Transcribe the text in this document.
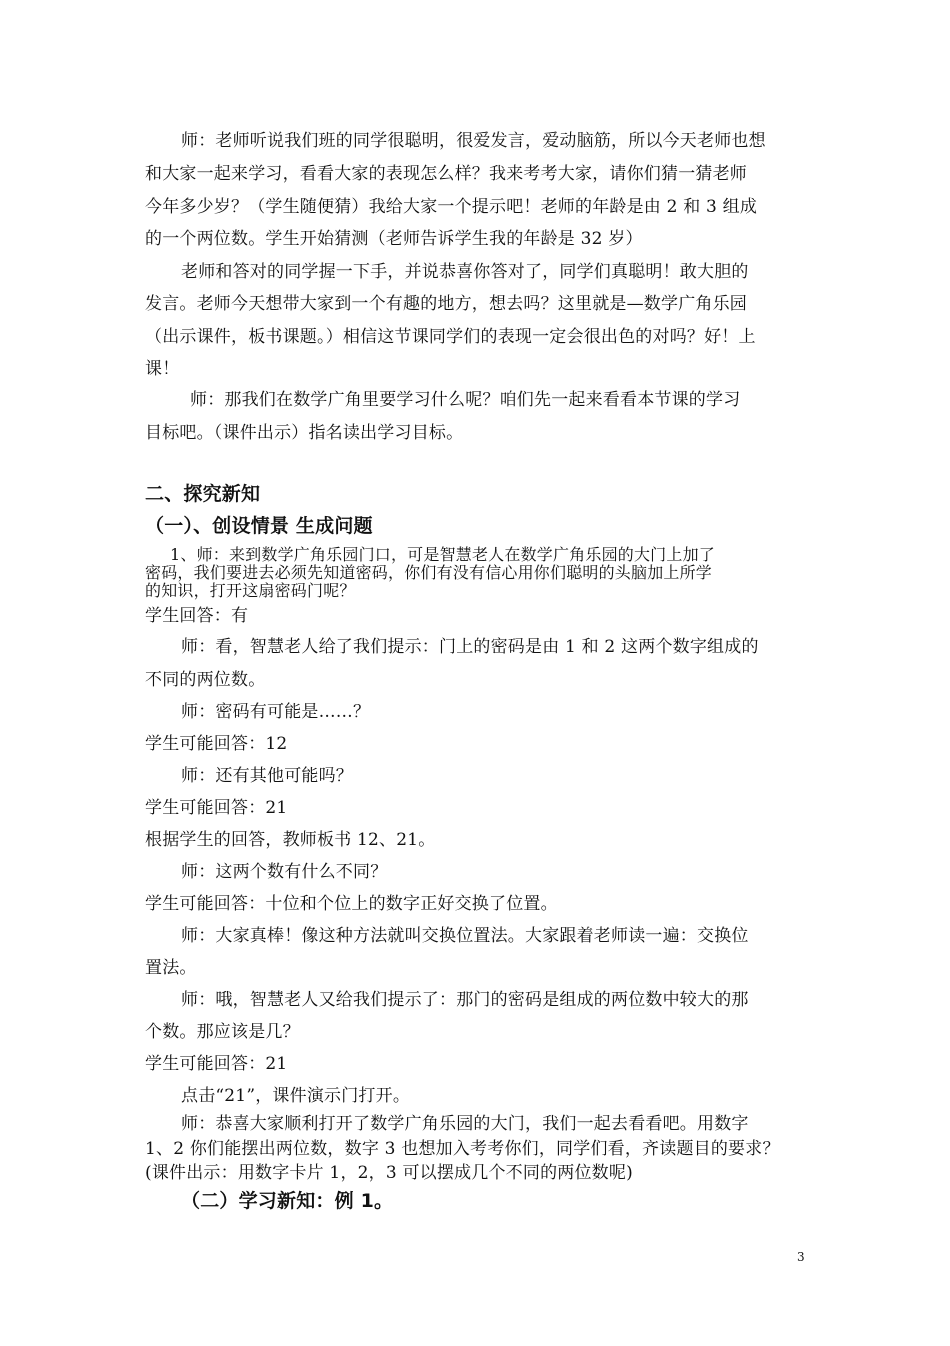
师：老师听说我们班的同学很聪明，很爱发言，爱动脑筋，所以今天老师也想
和大家一起来学习，看看大家的表现怎么样？我来考考大家，请你们猜一猜老师
今年多少岁？（学生随便猜）我给大家一个提示吧！老师的年龄是由 2 和 3 组成
的一个两位数。学生开始猜测（老师告诉学生我的年龄是 32 岁）
老师和答对的同学握一下手，并说恭喜你答对了，同学们真聪明！敢大胆的
发言。老师今天想带大家到一个有趣的地方，想去吗？这里就是—数学广角乐园
（出示课件，板书课题。）相信这节课同学们的表现一定会很出色的对吗？好！上
课！
师：那我们在数学广角里要学习什么呢？咱们先一起来看看本节课的学习
目标吧。（课件出示）指名读出学习目标。
二、探究新知
（一）、创设情景 生成问题
1、师：来到数学广角乐园门口，可是智慧老人在数学广角乐园的大门上加了
密码，我们要进去必须先知道密码，你们有没有信心用你们聪明的头脑加上所学
的知识，打开这扇密码门呢？
学生回答：有
师：看，智慧老人给了我们提示：门上的密码是由 1 和 2 这两个数字组成的
不同的两位数。
师：密码有可能是……？
学生可能回答：12
师：还有其他可能吗？
学生可能回答：21
根据学生的回答，教师板书 12、21。
师：这两个数有什么不同？
学生可能回答：十位和个位上的数字正好交换了位置。
师：大家真棒！像这种方法就叫交换位置法。大家跟着老师读一遍：交换位
置法。
师：哦，智慧老人又给我们提示了：那门的密码是组成的两位数中较大的那
个数。那应该是几？
学生可能回答：21
点击“21”，课件演示门打开。
师：恭喜大家顺利打开了数学广角乐园的大门，我们一起去看看吧。用数字
1、2 你们能摆出两位数，数字 3 也想加入考考你们，同学们看，齐读题目的要求？
(课件出示：用数字卡片 1，2，3 可以摆成几个不同的两位数呢)
（二）学习新知：例 1。
3
